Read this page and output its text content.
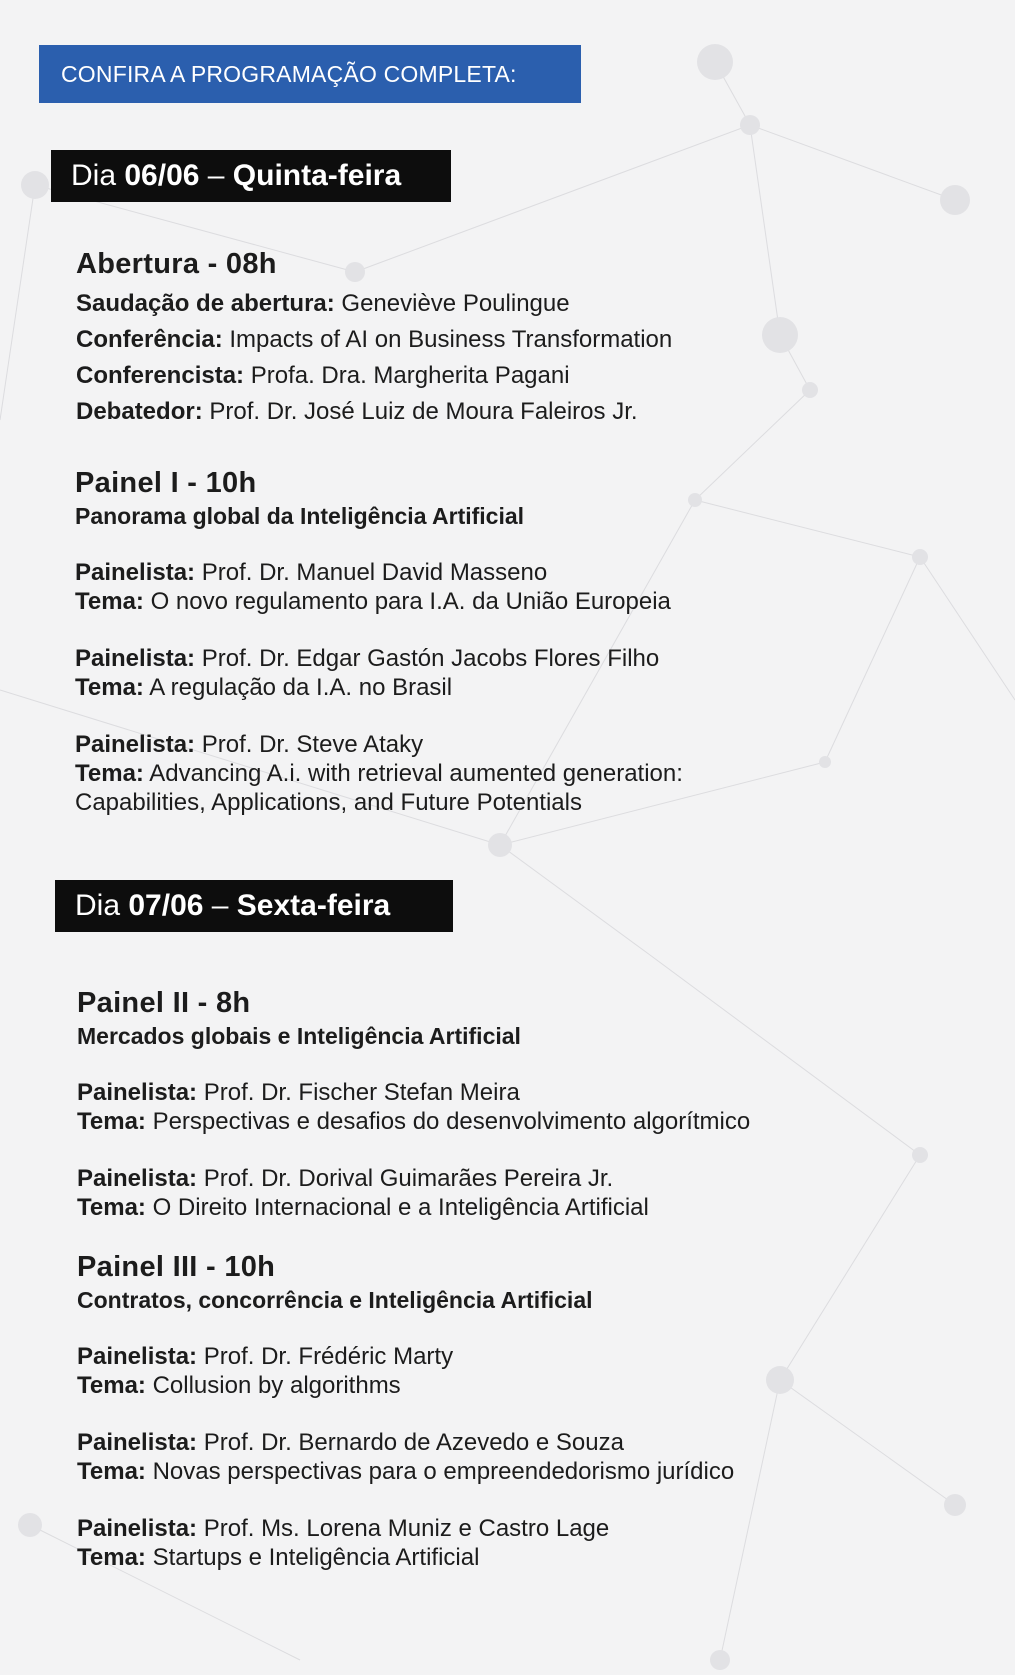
CONFIRA A PROGRAMAÇÃO COMPLETA:
Dia 06/06 – Quinta-feira

Abertura - 08h

Saudação de abertura: Geneviève Poulingue

Conferência: Impacts of AI on Business Transformation

Conferencista: Profa. Dra. Margherita Pagani

Debatedor: Prof. Dr. José Luiz de Moura Faleiros Jr.

Painel I - 10h

Panorama global da Inteligência Artificial

Painelista: Prof. Dr. Manuel David Masseno

Tema: O novo regulamento para I.A. da União Europeia

Painelista: Prof. Dr. Edgar Gastón Jacobs Flores Filho

Tema: A regulação da I.A. no Brasil

Painelista: Prof. Dr. Steve Ataky

Tema: Advancing A.i. with retrieval aumented generation:

Capabilities, Applications, and Future Potentials

Dia 07/06 – Sexta-feira

Painel II - 8h

Mercados globais e Inteligência Artificial

Painelista: Prof. Dr. Fischer Stefan Meira

Tema: Perspectivas e desafios do desenvolvimento algorítmico

Painelista: Prof. Dr. Dorival Guimarães Pereira Jr.

Tema: O Direito Internacional e a Inteligência Artificial

Painel III - 10h

Contratos, concorrência e Inteligência Artificial

Painelista: Prof. Dr. Frédéric Marty

Tema: Collusion by algorithms

Painelista: Prof. Dr. Bernardo de Azevedo e Souza

Tema: Novas perspectivas para o empreendedorismo jurídico

Painelista: Prof. Ms. Lorena Muniz e Castro Lage

Tema: Startups e Inteligência Artificial
